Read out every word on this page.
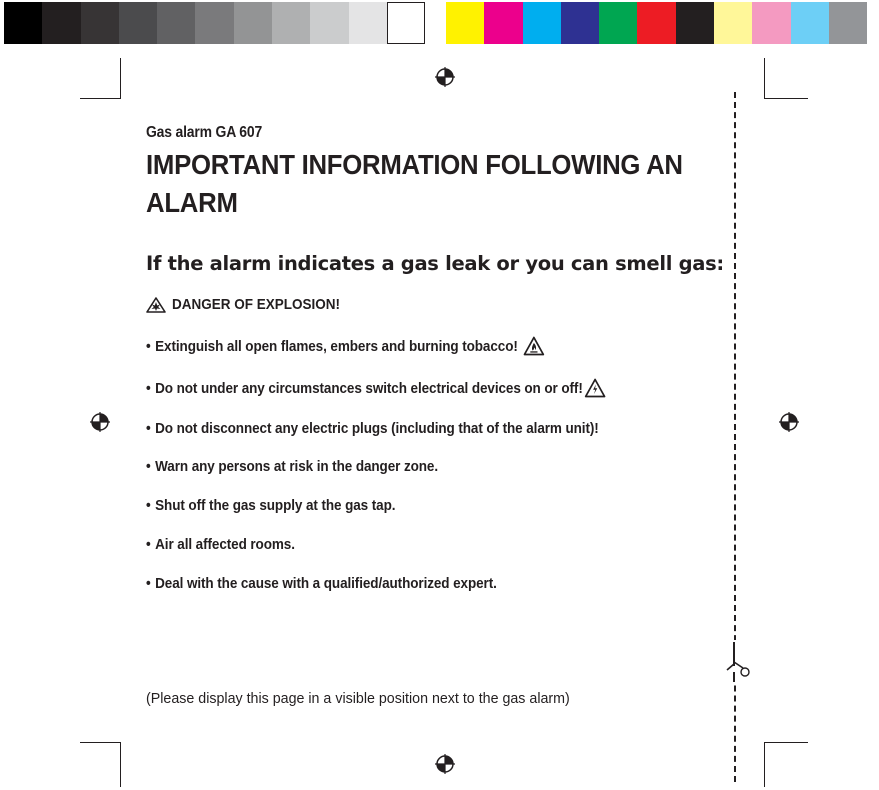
Gas alarm GA 607
IMPORTANT INFORMATION FOLLOWING AN ALARM
If the alarm indicates a gas leak or you can smell gas:
DANGER OF EXPLOSION!
• Extinguish all open flames, embers and burning tobacco!
• Do not under any circumstances switch electrical devices on or off!
• Do not disconnect any electric plugs (including that of the alarm unit)!
• Warn any persons at risk in the danger zone.
• Shut off the gas supply at the gas tap.
• Air all affected rooms.
• Deal with the cause with a qualified/authorized expert.
(Please display this page in a visible position next to the gas alarm)
